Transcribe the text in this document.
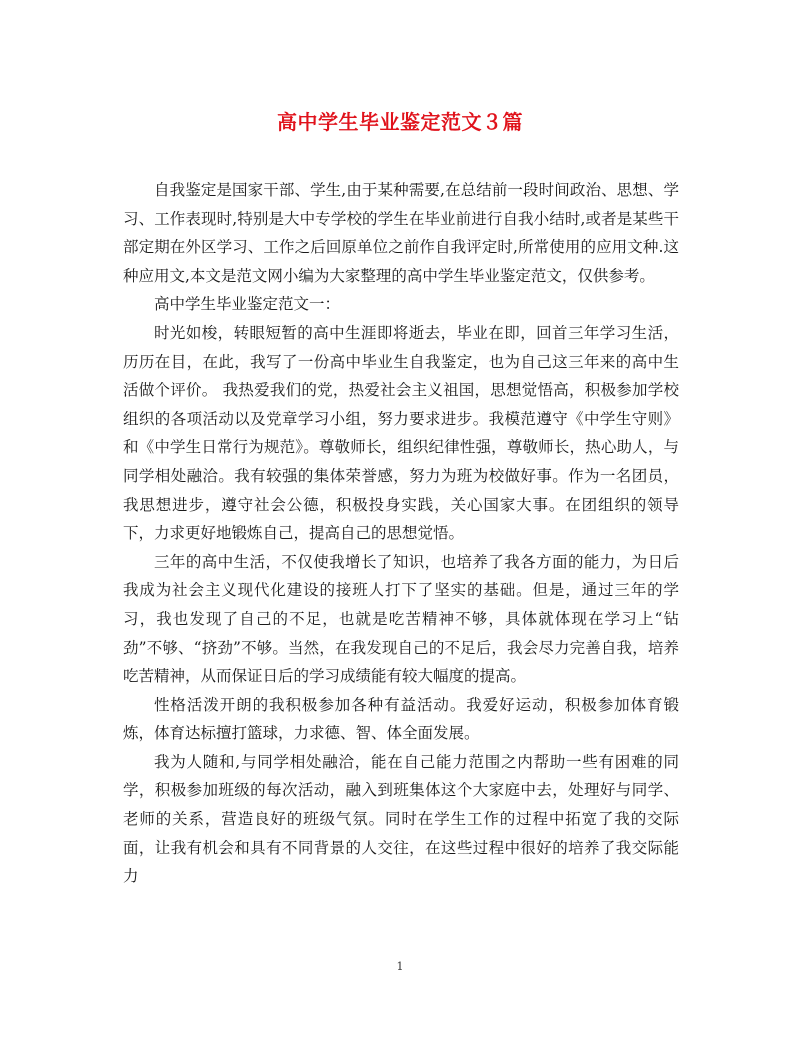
高中学生毕业鉴定范文３篇

自我鉴定是国家干部、学生,由于某种需要,在总结前一段时间政治、思想、学习、工作表现时,特别是大中专学校的学生在毕业前进行自我小结时,或者是某些干 部定期在外区学习、工作之后回原单位之前作自我评定时,所常使用的应用文种.这种应用文,本文是范文网小编为大家整理的高中学生毕业鉴定范文，仅供参考。

高中学生毕业鉴定范文一：

时光如梭，转眼短暂的高中生涯即将逝去，毕业在即，回首三年学习生活，历历在目，在此，我写了一份高中毕业生自我鉴定，也为自己这三年来的高中生活做个评价。 我热爱我们的党，热爱社会主义祖国，思想觉悟高，积极参加学校组织的各项活动以及党章学习小组，努力要求进步。我模范遵守《中学生守则》和《中学生日常行为规范》。尊敬师长，组织纪律性强，尊敬师长，热心助人，与同学相处融洽。我有较强的集体荣誉感，努力为班为校做好事。作为一名团员，我思想进步，遵守社会公德，积极投身实践，关心国家大事。在团组织的领导下，力求更好地锻炼自己，提高自己的思想觉悟。

三年的高中生活，不仅使我增长了知识，也培养了我各方面的能力，为日后我成为社会主义现代化建设的接班人打下了坚实的基础。但是，通过三年的学习，我也发现了自己的不足，也就是吃苦精神不够，具体就体现在学习上“钻劲”不够、“挤劲”不够。当然，在我发现自己的不足后，我会尽力完善自我，培养吃苦精神，从而保证日后的学习成绩能有较大幅度的提高。

性格活泼开朗的我积极参加各种有益活动。我爱好运动，积极参加体育锻炼，体育达标擅打篮球，力求德、智、体全面发展。

我为人随和,与同学相处融洽，能在自己能力范围之内帮助一些有困难的同学，积极参加班级的每次活动，融入到班集体这个大家庭中去，处理好与同学、老师的关系，营造良好的班级气氛。同时在学生工作的过程中拓宽了我的交际面，让我有机会和具有不同背景的人交往，在这些过程中很好的培养了我交际能力

1
